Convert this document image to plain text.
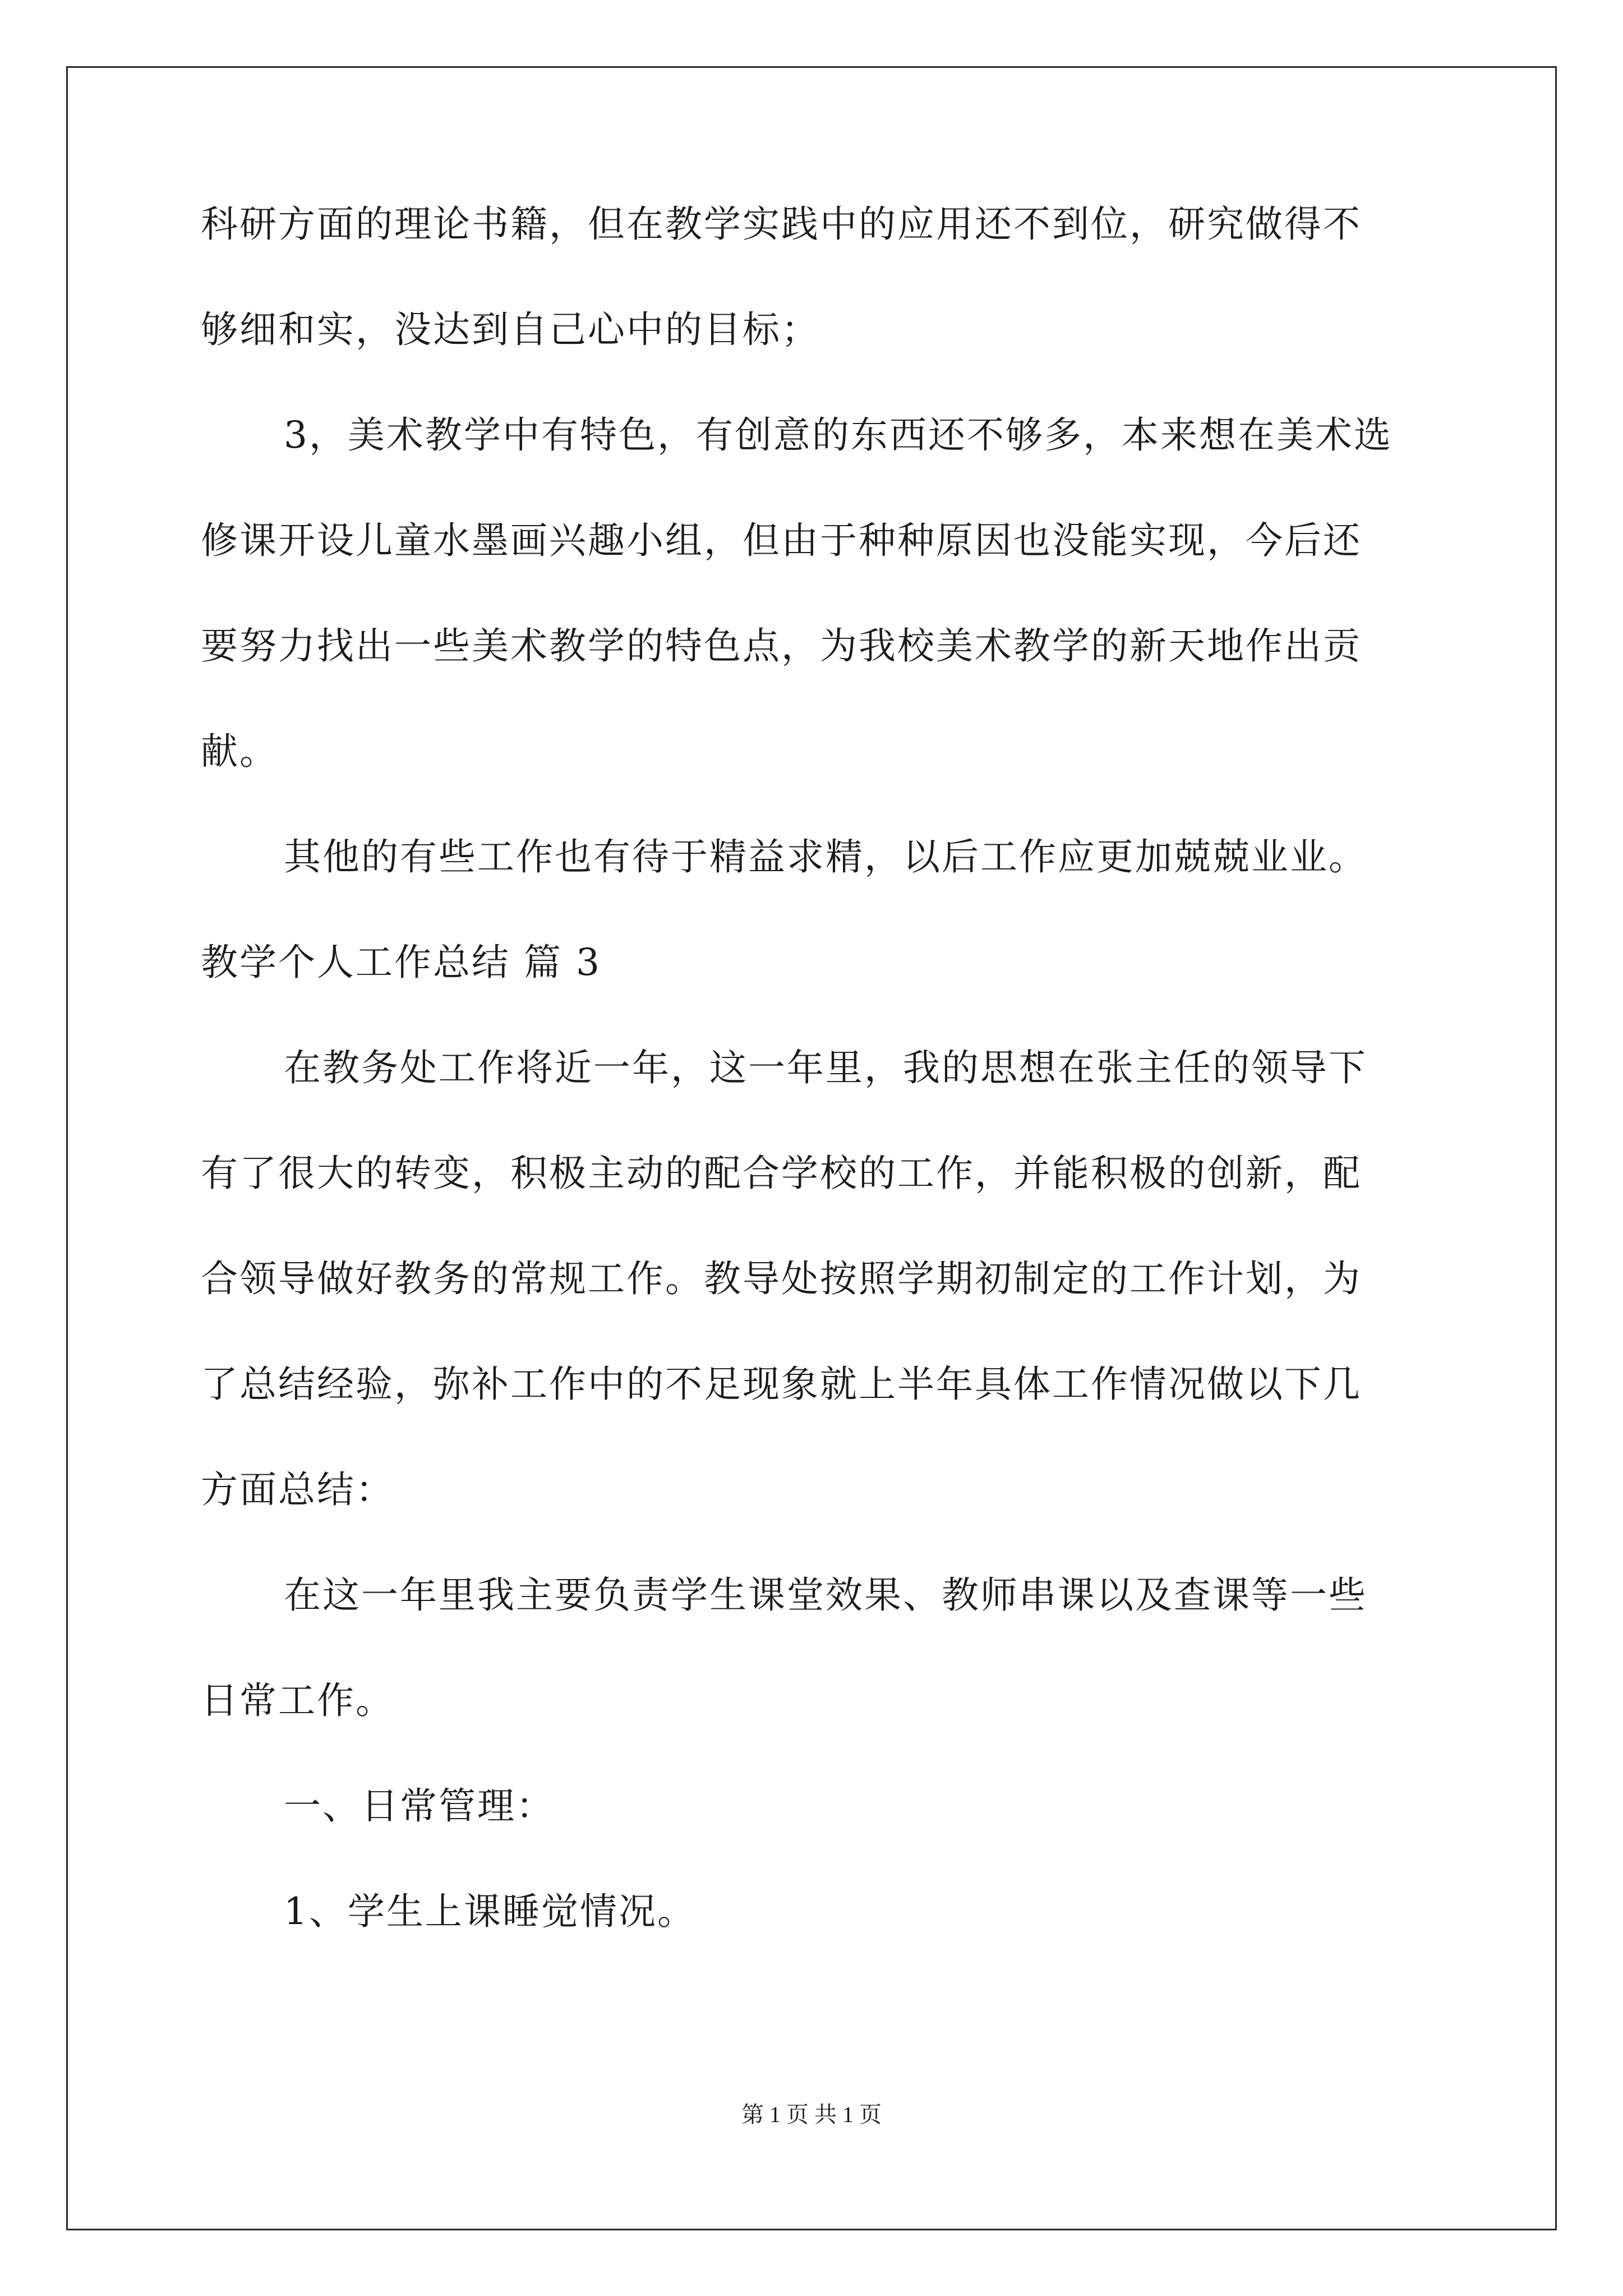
科研方面的理论书籍，但在教学实践中的应用还不到位，研究做得不
够细和实，没达到自己心中的目标；
3，美术教学中有特色，有创意的东西还不够多，本来想在美术选
修课开设儿童水墨画兴趣小组，但由于种种原因也没能实现，今后还
要努力找出一些美术教学的特色点，为我校美术教学的新天地作出贡
献。
其他的有些工作也有待于精益求精，以后工作应更加兢兢业业。
教学个人工作总结 篇 3
在教务处工作将近一年，这一年里，我的思想在张主任的领导下
有了很大的转变，积极主动的配合学校的工作，并能积极的创新，配
合领导做好教务的常规工作。教导处按照学期初制定的工作计划，为
了总结经验，弥补工作中的不足现象就上半年具体工作情况做以下几
方面总结：
在这一年里我主要负责学生课堂效果、教师串课以及查课等一些
日常工作。
一、日常管理：
1、学生上课睡觉情况。
第 1 页 共 1 页
